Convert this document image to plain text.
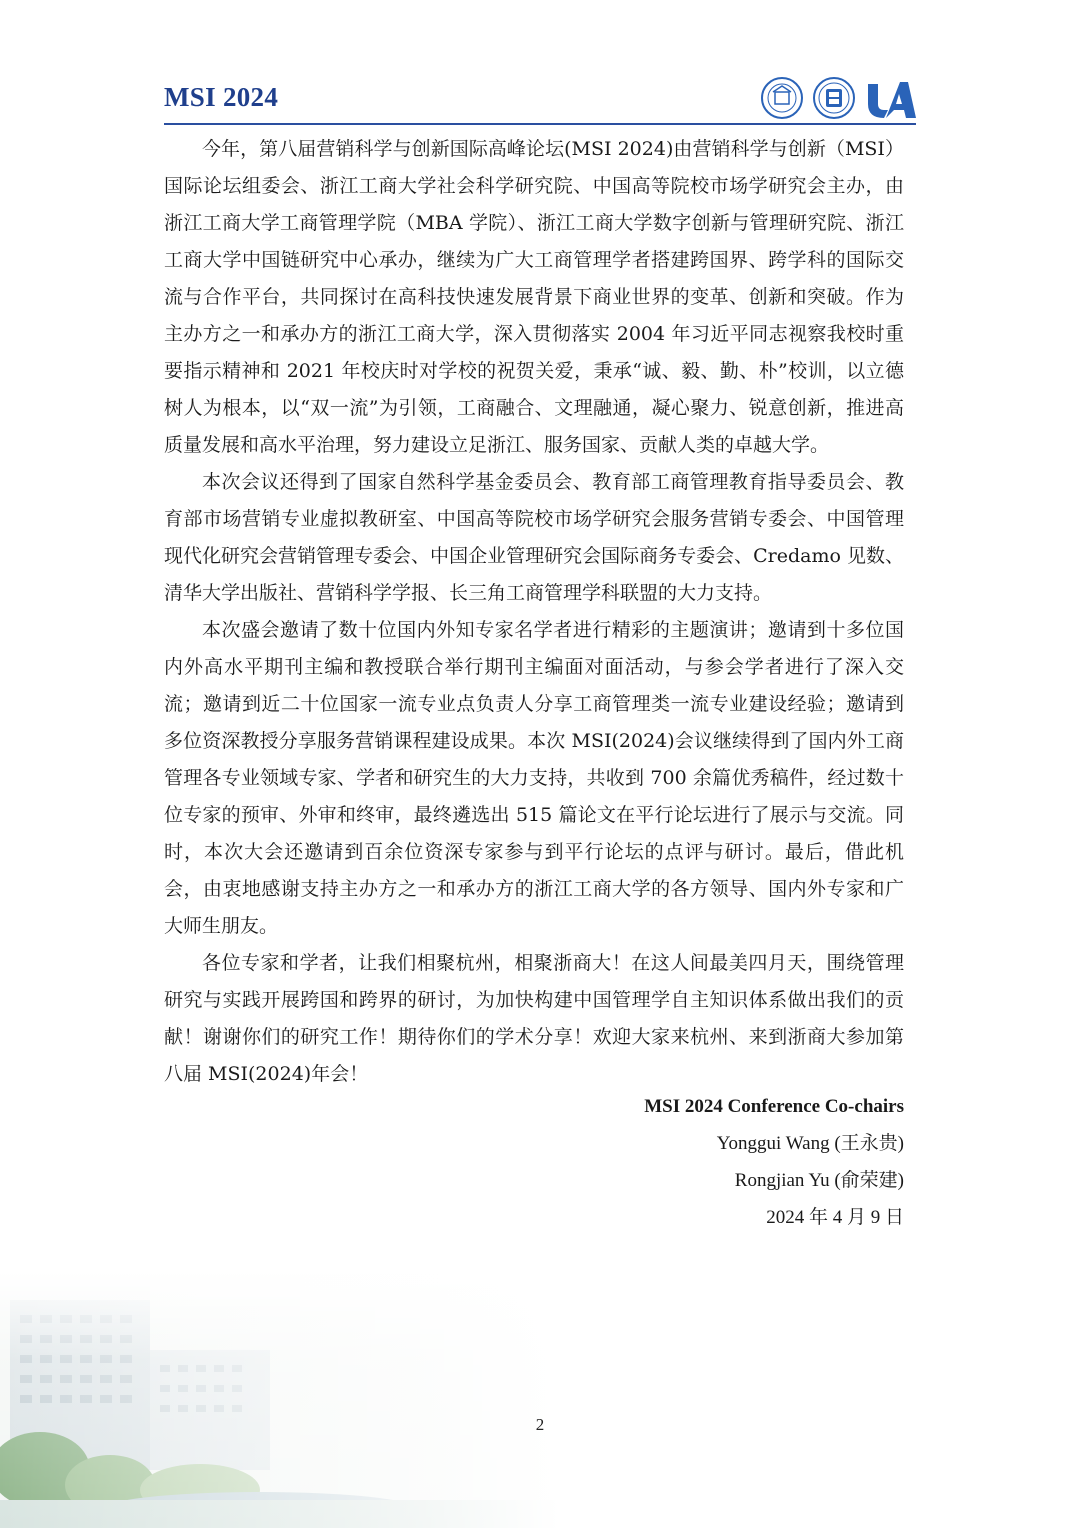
MSI 2024

今年，第八届营销科学与创新国际高峰论坛(MSI 2024)由营销科学与创新（MSI）国际论坛组委会、浙江工商大学社会科学研究院、中国高等院校市场学研究会主办，由浙江工商大学工商管理学院（MBA 学院）、浙江工商大学数字创新与管理研究院、浙江工商大学中国链研究中心承办，继续为广大工商管理学者搭建跨国界、跨学科的国际交流与合作平台，共同探讨在高科技快速发展背景下商业世界的变革、创新和突破。作为主办方之一和承办方的浙江工商大学，深入贯彻落实 2004 年习近平同志视察我校时重要指示精神和 2021 年校庆时对学校的祝贺关爱，秉承“诚、毅、勤、朴”校训，以立德树人为根本，以“双一流”为引领，工商融合、文理融通，凝心聚力、锐意创新，推进高质量发展和高水平治理，努力建设立足浙江、服务国家、贡献人类的卓越大学。

本次会议还得到了国家自然科学基金委员会、教育部工商管理教育指导委员会、教育部市场营销专业虚拟教研室、中国高等院校市场学研究会服务营销专委会、中国管理现代化研究会营销管理专委会、中国企业管理研究会国际商务专委会、Credamo 见数、清华大学出版社、营销科学学报、长三角工商管理学科联盟的大力支持。

本次盛会邀请了数十位国内外知专家名学者进行精彩的主题演讲；邀请到十多位国内外高水平期刊主编和教授联合举行期刊主编面对面活动，与参会学者进行了深入交流；邀请到近二十位国家一流专业点负责人分享工商管理类一流专业建设经验；邀请到多位资深教授分享服务营销课程建设成果。本次 MSI(2024)会议继续得到了国内外工商管理各专业领域专家、学者和研究生的大力支持，共收到 700 余篇优秀稿件，经过数十位专家的预审、外审和终审，最终遴选出 515 篇论文在平行论坛进行了展示与交流。同时，本次大会还邀请到百余位资深专家参与到平行论坛的点评与研讨。最后，借此机会，由衷地感谢支持主办方之一和承办方的浙江工商大学的各方领导、国内外专家和广大师生朋友。

各位专家和学者，让我们相聚杭州，相聚浙商大！在这人间最美四月天，围绕管理研究与实践开展跨国和跨界的研讨，为加快构建中国管理学自主知识体系做出我们的贡献！谢谢你们的研究工作！期待你们的学术分享！欢迎大家来杭州、来到浙商大参加第八届 MSI(2024)年会！

MSI 2024 Conference Co-chairs
Yonggui Wang (王永贵)
Rongjian Yu (俞荣建)
2024 年 4 月 9 日
2
